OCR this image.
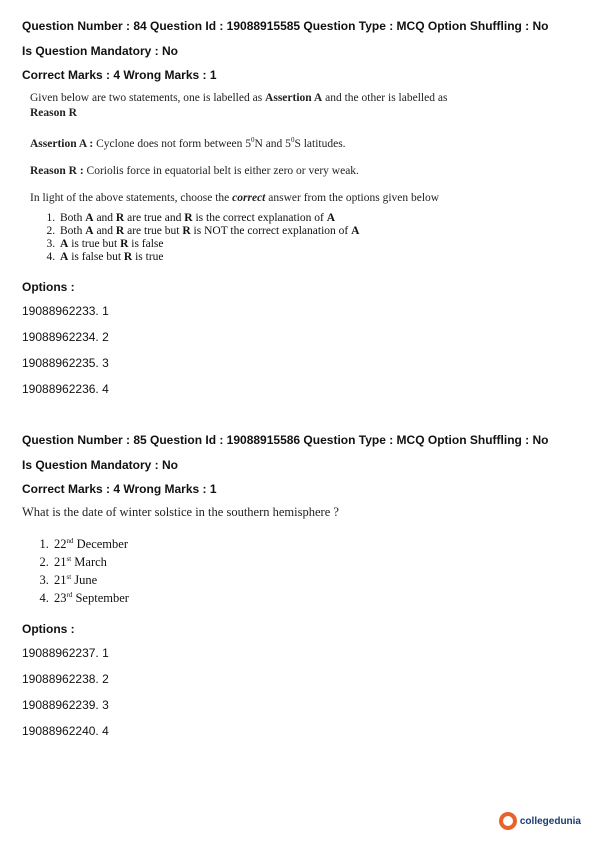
Question Number : 84 Question Id : 19088915585 Question Type : MCQ Option Shuffling : No
Is Question Mandatory : No
Correct Marks : 4 Wrong Marks : 1

Given below are two statements, one is labelled as Assertion A and the other is labelled as
Reason R

Assertion A : Cyclone does not form between $5^0N$ and $5^0S$ latitudes.

Reason R : Coriolis force in equatorial belt is either zero or very weak.

In light of the above statements, choose the correct answer from the options given below

1. Both A and R are true and R is the correct explanation of A
2. Both A and R are true but R is NOT the correct explanation of A
3. A is true but R is false
4. A is false but R is true
Options :
19088962233. 1
19088962234. 2
19088962235. 3
19088962236. 4
Question Number : 85 Question Id : 19088915586 Question Type : MCQ Option Shuffling : No
Is Question Mandatory : No
Correct Marks : 4 Wrong Marks : 1

What is the date of winter solstice in the southern hemisphere ?

1. 22nd December
2. 21st March
3. 21st June
4. 23rd September
Options :
19088962237. 1
19088962238. 2
19088962239. 3
19088962240. 4
collegedunia
